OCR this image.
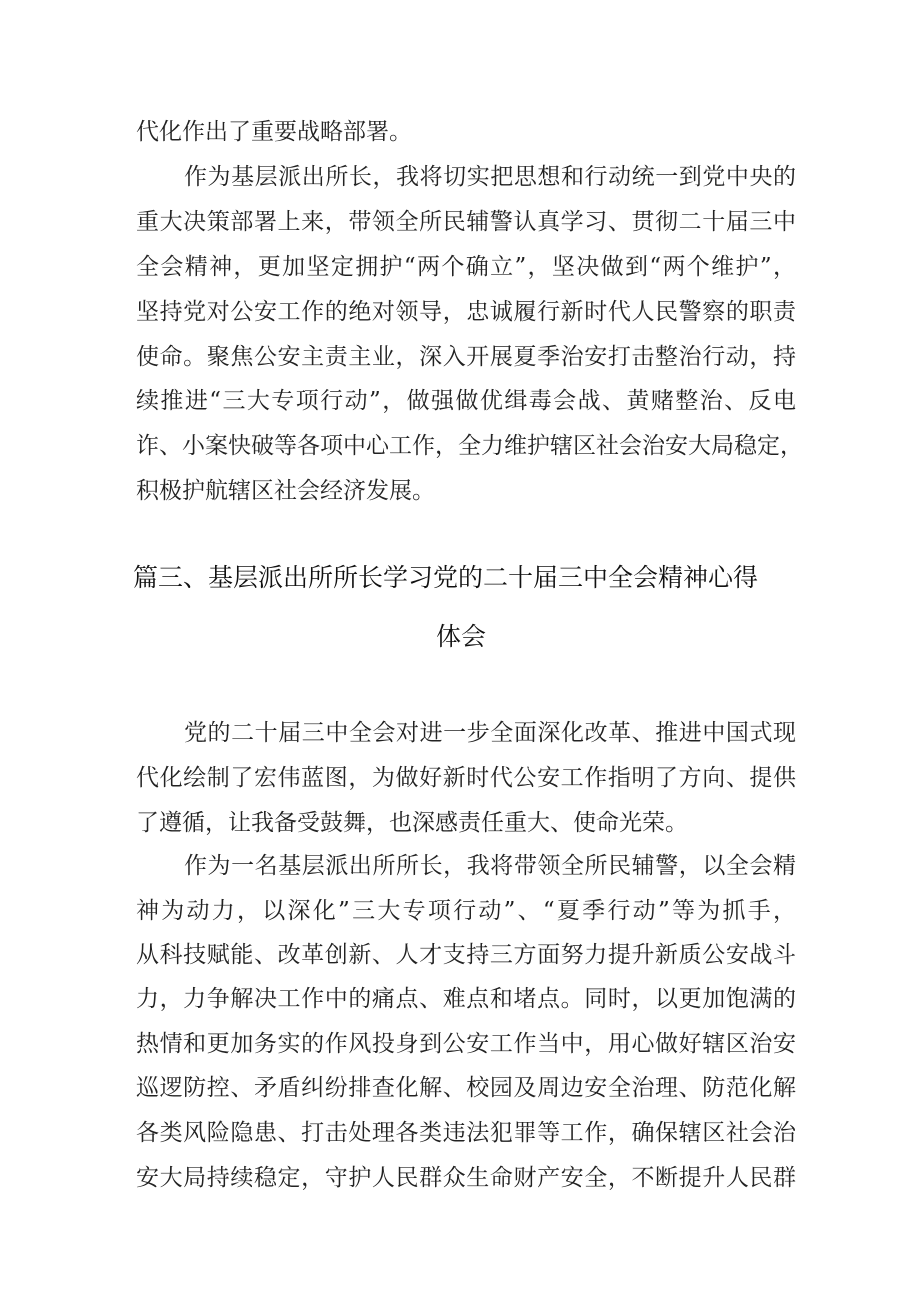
代化作出了重要战略部署。
作为基层派出所长，我将切实把思想和行动统一到党中央的
重大决策部署上来，带领全所民辅警认真学习、贯彻二十届三中
全会精神，更加坚定拥护“两个确立”，坚决做到“两个维护”，
坚持党对公安工作的绝对领导，忠诚履行新时代人民警察的职责
使命。聚焦公安主责主业，深入开展夏季治安打击整治行动，持
续推进“三大专项行动”，做强做优缉毒会战、黄赌整治、反电
诈、小案快破等各项中心工作，全力维护辖区社会治安大局稳定，
积极护航辖区社会经济发展。
篇三、基层派出所所长学习党的二十届三中全会精神心得
体会
党的二十届三中全会对进一步全面深化改革、推进中国式现
代化绘制了宏伟蓝图，为做好新时代公安工作指明了方向、提供
了遵循，让我备受鼓舞，也深感责任重大、使命光荣。
作为一名基层派出所所长，我将带领全所民辅警，以全会精
神为动力，以深化”三大专项行动”、“夏季行动”等为抓手，
从科技赋能、改革创新、人才支持三方面努力提升新质公安战斗
力，力争解决工作中的痛点、难点和堵点。同时，以更加饱满的
热情和更加务实的作风投身到公安工作当中，用心做好辖区治安
巡逻防控、矛盾纠纷排查化解、校园及周边安全治理、防范化解
各类风险隐患、打击处理各类违法犯罪等工作，确保辖区社会治
安大局持续稳定，守护人民群众生命财产安全，不断提升人民群
